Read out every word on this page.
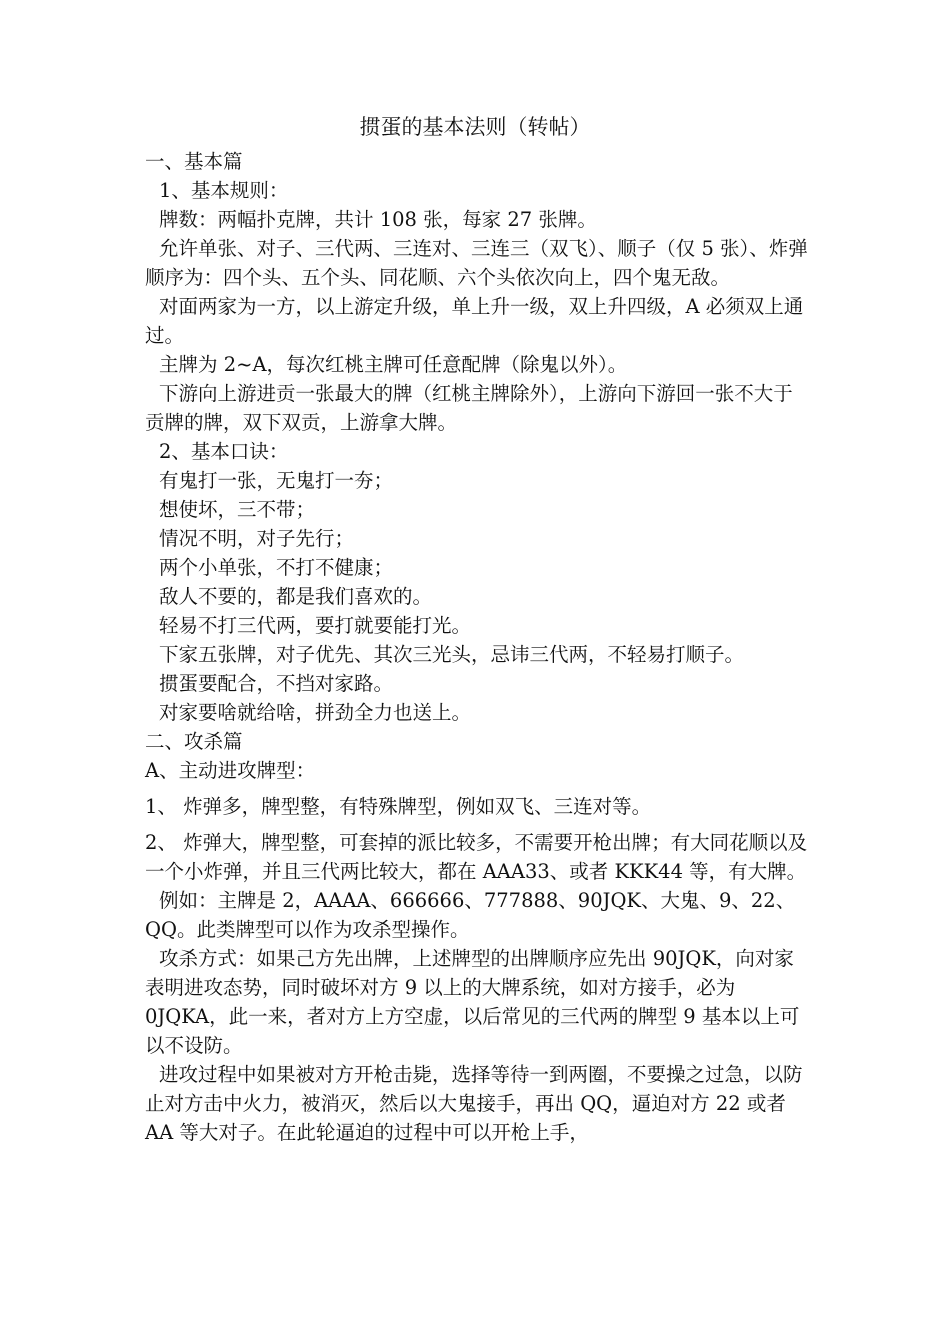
掼蛋的基本法则（转帖）

一、基本篇

1、基本规则：

牌数：两幅扑克牌，共计 108 张，每家 27 张牌。

允许单张、对子、三代两、三连对、三连三（双飞）、顺子（仅 5 张）、炸弹顺序为：四个头、五个头、同花顺、六个头依次向上，四个鬼无敌。

对面两家为一方，以上游定升级，单上升一级，双上升四级，A 必须双上通过。

主牌为 2~A，每次红桃主牌可任意配牌（除鬼以外）。

下游向上游进贡一张最大的牌（红桃主牌除外），上游向下游回一张不大于贡牌的牌，双下双贡，上游拿大牌。

2、基本口诀：

有鬼打一张，无鬼打一夯；

想使坏，三不带；

情况不明，对子先行；

两个小单张，不打不健康；

敌人不要的，都是我们喜欢的。

轻易不打三代两，要打就要能打光。

下家五张牌，对子优先、其次三光头，忌讳三代两，不轻易打顺子。

掼蛋要配合，不挡对家路。

对家要啥就给啥，拼劲全力也送上。

二、攻杀篇

A、主动进攻牌型：

1、 炸弹多，牌型整，有特殊牌型，例如双飞、三连对等。

2、 炸弹大，牌型整，可套掉的派比较多，不需要开枪出牌；有大同花顺以及一个小炸弹，并且三代两比较大，都在 AAA33、或者 KKK44 等，有大牌。

例如：主牌是 2，AAAA、666666、777888、90JQK、大鬼、9、22、QQ。此类牌型可以作为攻杀型操作。

攻杀方式：如果己方先出牌，上述牌型的出牌顺序应先出 90JQK，向对家表明进攻态势，同时破坏对方 9 以上的大牌系统，如对方接手，必为 0JQKA，此一来，者对方上方空虚，以后常见的三代两的牌型 9 基本以上可以不设防。

进攻过程中如果被对方开枪击毙，选择等待一到两圈，不要操之过急，以防止对方击中火力，被消灭，然后以大鬼接手，再出 QQ，逼迫对方 22 或者 AA 等大对子。在此轮逼迫的过程中可以开枪上手，
